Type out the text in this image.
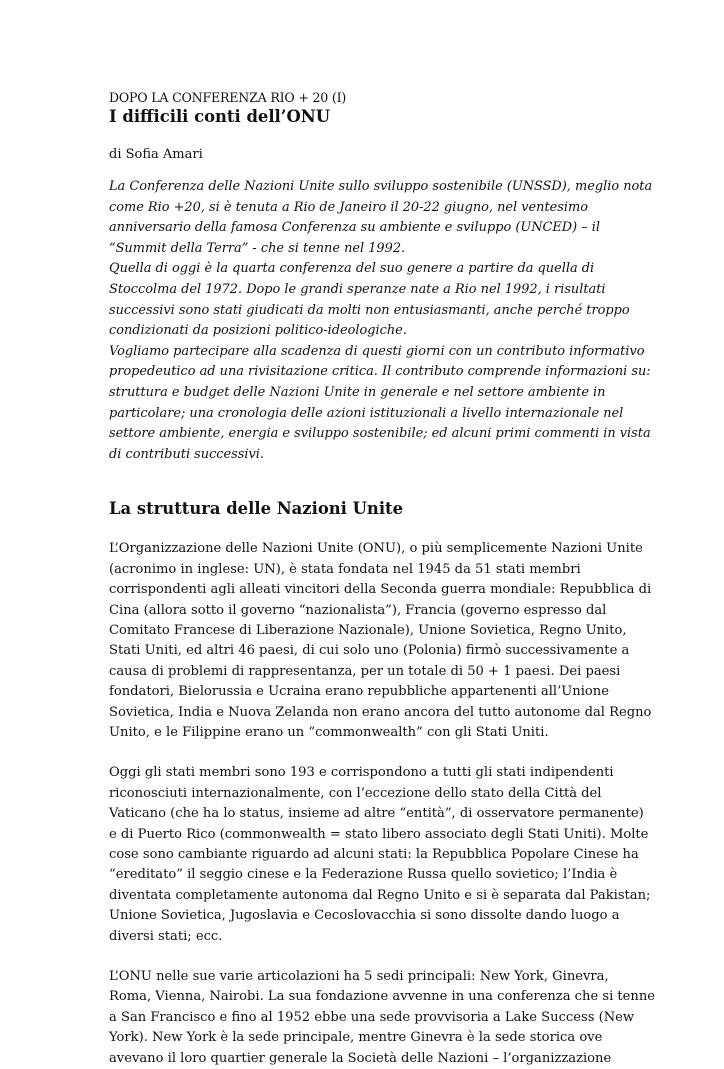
DOPO LA CONFERENZA RIO + 20 (I)

I difficili conti dell’ONU

di Sofia Amari

La Conferenza delle Nazioni Unite sullo sviluppo sostenibile (UNSSD), meglio nota
come Rio +20, si è tenuta a Rio de Janeiro il 20-22 giugno, nel ventesimo
anniversario della famosa Conferenza su ambiente e sviluppo (UNCED) – il
“Summit della Terra” - che si tenne nel 1992.
Quella di oggi è la quarta conferenza del suo genere a partire da quella di
Stoccolma del 1972. Dopo le grandi speranze nate a Rio nel 1992, i risultati
successivi sono stati giudicati da molti non entusiasmanti, anche perché troppo
condizionati da posizioni politico-ideologiche.
Vogliamo partecipare alla scadenza di questi giorni con un contributo informativo
propedeutico ad una rivisitazione critica. Il contributo comprende informazioni su:
struttura e budget delle Nazioni Unite in generale e nel settore ambiente in
particolare; una cronologia delle azioni istituzionali a livello internazionale nel
settore ambiente, energia e sviluppo sostenibile; ed alcuni primi commenti in vista
di contributi successivi.
La struttura delle Nazioni Unite

L’Organizzazione delle Nazioni Unite (ONU), o più semplicemente Nazioni Unite
(acronimo in inglese: UN), è stata fondata nel 1945 da 51 stati membri
corrispondenti agli alleati vincitori della Seconda guerra mondiale: Repubblica di
Cina (allora sotto il governo “nazionalista”), Francia (governo espresso dal
Comitato Francese di Liberazione Nazionale), Unione Sovietica, Regno Unito,
Stati Uniti, ed altri 46 paesi, di cui solo uno (Polonia) firmò successivamente a
causa di problemi di rappresentanza, per un totale di 50 + 1 paesi. Dei paesi
fondatori, Bielorussia e Ucraina erano repubbliche appartenenti all’Unione
Sovietica, India e Nuova Zelanda non erano ancora del tutto autonome dal Regno
Unito, e le Filippine erano un “commonwealth” con gli Stati Uniti.

Oggi gli stati membri sono 193 e corrispondono a tutti gli stati indipendenti
riconosciuti internazionalmente, con l’eccezione dello stato della Città del
Vaticano (che ha lo status, insieme ad altre “entità”, di osservatore permanente)
e di Puerto Rico (commonwealth = stato libero associato degli Stati Uniti). Molte
cose sono cambiante riguardo ad alcuni stati: la Repubblica Popolare Cinese ha
“ereditato” il seggio cinese e la Federazione Russa quello sovietico; l’India è
diventata completamente autonoma dal Regno Unito e si è separata dal Pakistan;
Unione Sovietica, Jugoslavia e Cecoslovacchia si sono dissolte dando luogo a
diversi stati; ecc.

L’ONU nelle sue varie articolazioni ha 5 sedi principali: New York, Ginevra,
Roma, Vienna, Nairobi. La sua fondazione avvenne in una conferenza che si tenne
a San Francisco e fino al 1952 ebbe una sede provvisoria a Lake Success (New
York). New York è la sede principale, mentre Ginevra è la sede storica ove
avevano il loro quartier generale la Società delle Nazioni – l’organizzazione
